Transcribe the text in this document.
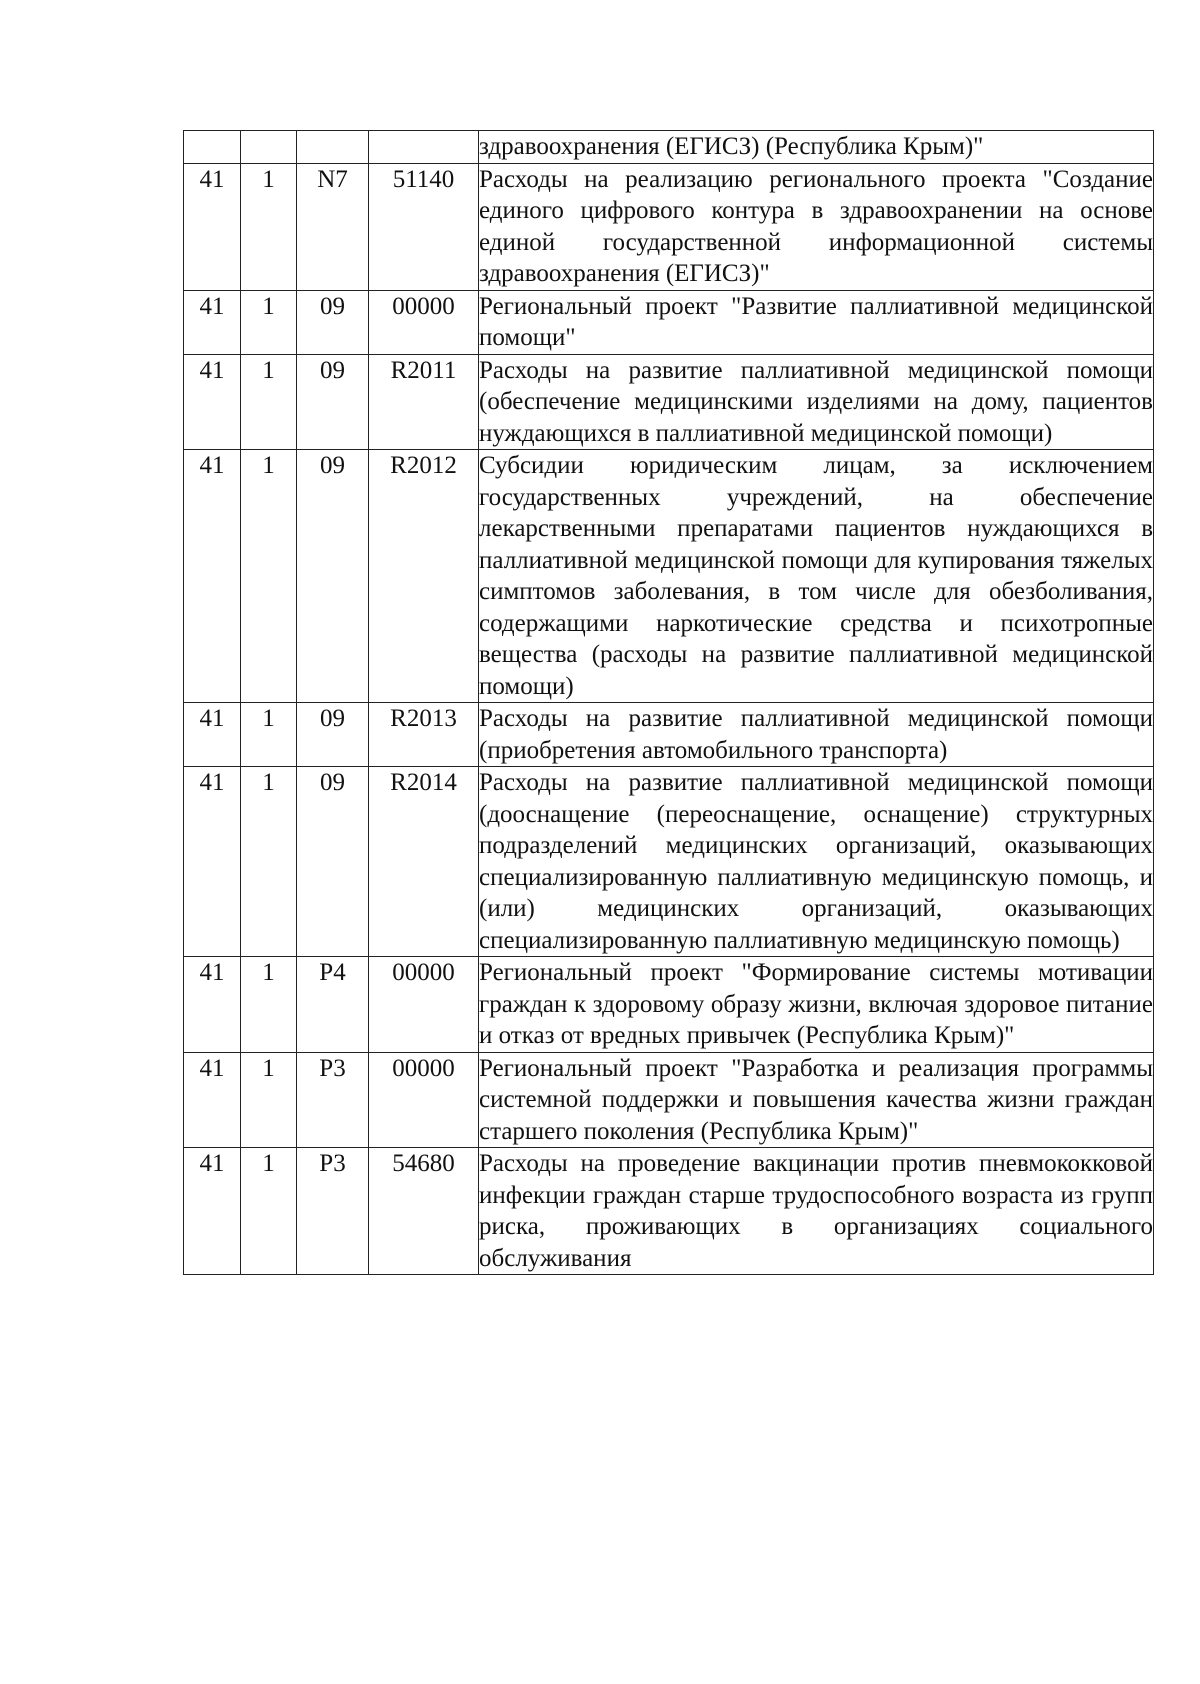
				здравоохранения (ЕГИСЗ) (Республика Крым)"
41	1	N7	51140	Расходы на реализацию регионального проекта "Создание единого цифрового контура в здравоохранении на основе единой государственной информационной системы здравоохранения (ЕГИСЗ)"
41	1	09	00000	Региональный проект "Развитие паллиативной медицинской помощи"
41	1	09	R2011	Расходы на развитие паллиативной медицинской помощи (обеспечение медицинскими изделиями на дому, пациентов нуждающихся в паллиативной медицинской помощи)
41	1	09	R2012	Субсидии юридическим лицам, за исключением государственных учреждений, на обеспечение лекарственными препаратами пациентов нуждающихся в паллиативной медицинской помощи для купирования тяжелых симптомов заболевания, в том числе для обезболивания, содержащими наркотические средства и психотропные вещества (расходы на развитие паллиативной медицинской помощи)
41	1	09	R2013	Расходы на развитие паллиативной медицинской помощи (приобретения автомобильного транспорта)
41	1	09	R2014	Расходы на развитие паллиативной медицинской помощи (дооснащение (переоснащение, оснащение) структурных подразделений медицинских организаций, оказывающих специализированную паллиативную медицинскую помощь, и (или) медицинских организаций, оказывающих специализированную паллиативную медицинскую помощь)
41	1	P4	00000	Региональный проект "Формирование системы мотивации граждан к здоровому образу жизни, включая здоровое питание и отказ от вредных привычек (Республика Крым)"
41	1	P3	00000	Региональный проект "Разработка и реализация программы системной поддержки и повышения качества жизни граждан старшего поколения (Республика Крым)"
41	1	P3	54680	Расходы на проведение вакцинации против пневмококковой инфекции граждан старше трудоспособного возраста из групп риска, проживающих в организациях социального обслуживания
